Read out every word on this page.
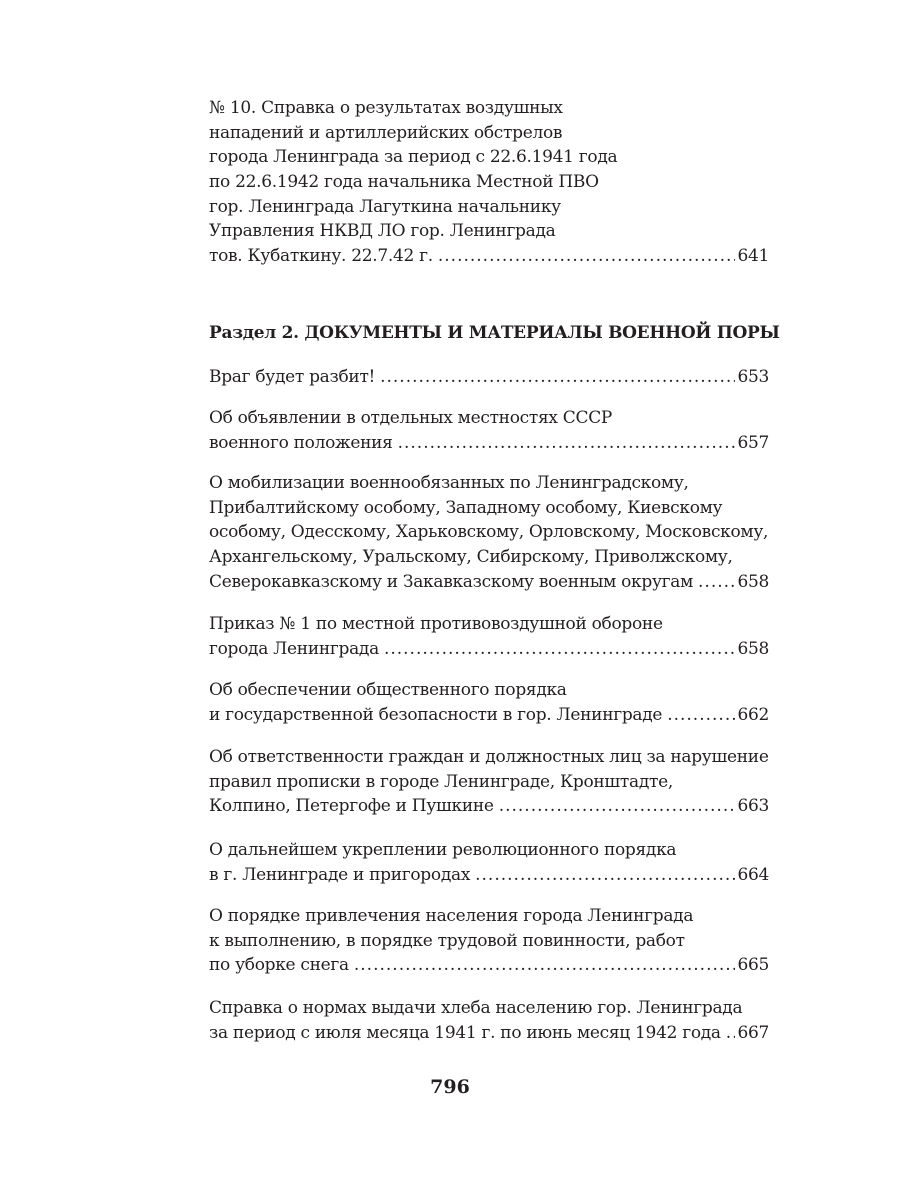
№ 10. Справка о результатах воздушных
нападений и артиллерийских обстрелов
города Ленинграда за период с 22.6.1941 года
по 22.6.1942 года начальника Местной ПВО
гор. Ленинграда Лагуткина начальнику
Управления НКВД ЛО гор. Ленинграда
тов. Кубаткину. 22.7.42 г. .....	641
Раздел 2. ДОКУМЕНТЫ И МАТЕРИАЛЫ ВОЕННОЙ ПОРЫ
Враг будет разбит! .....	653
Об объявлении в отдельных местностях СССР
военного положения .....	657
О мобилизации военнообязанных по Ленинградскому,
Прибалтийскому особому, Западному особому, Киевскому
особому, Одесскому, Харьковскому, Орловскому, Московскому,
Архангельскому, Уральскому, Сибирскому, Приволжскому,
Северокавказскому и Закавказскому военным округам .....	658
Приказ № 1 по местной противовоздушной обороне
города Ленинграда .....	658
Об обеспечении общественного порядка
и государственной безопасности в гор. Ленинграде .....	662
Об ответственности граждан и должностных лиц за нарушение
правил прописки в городе Ленинграде, Кронштадте,
Колпино, Петергофе и Пушкине .....	663
О дальнейшем укреплении революционного порядка
в г. Ленинграде и пригородах .....	664
О порядке привлечения населения города Ленинграда
к выполнению, в порядке трудовой повинности, работ
по уборке снега .....	665
Справка о нормах выдачи хлеба населению гор. Ленинграда
за период с июля месяца 1941 г. по июнь месяц 1942 года ..... 667
796
